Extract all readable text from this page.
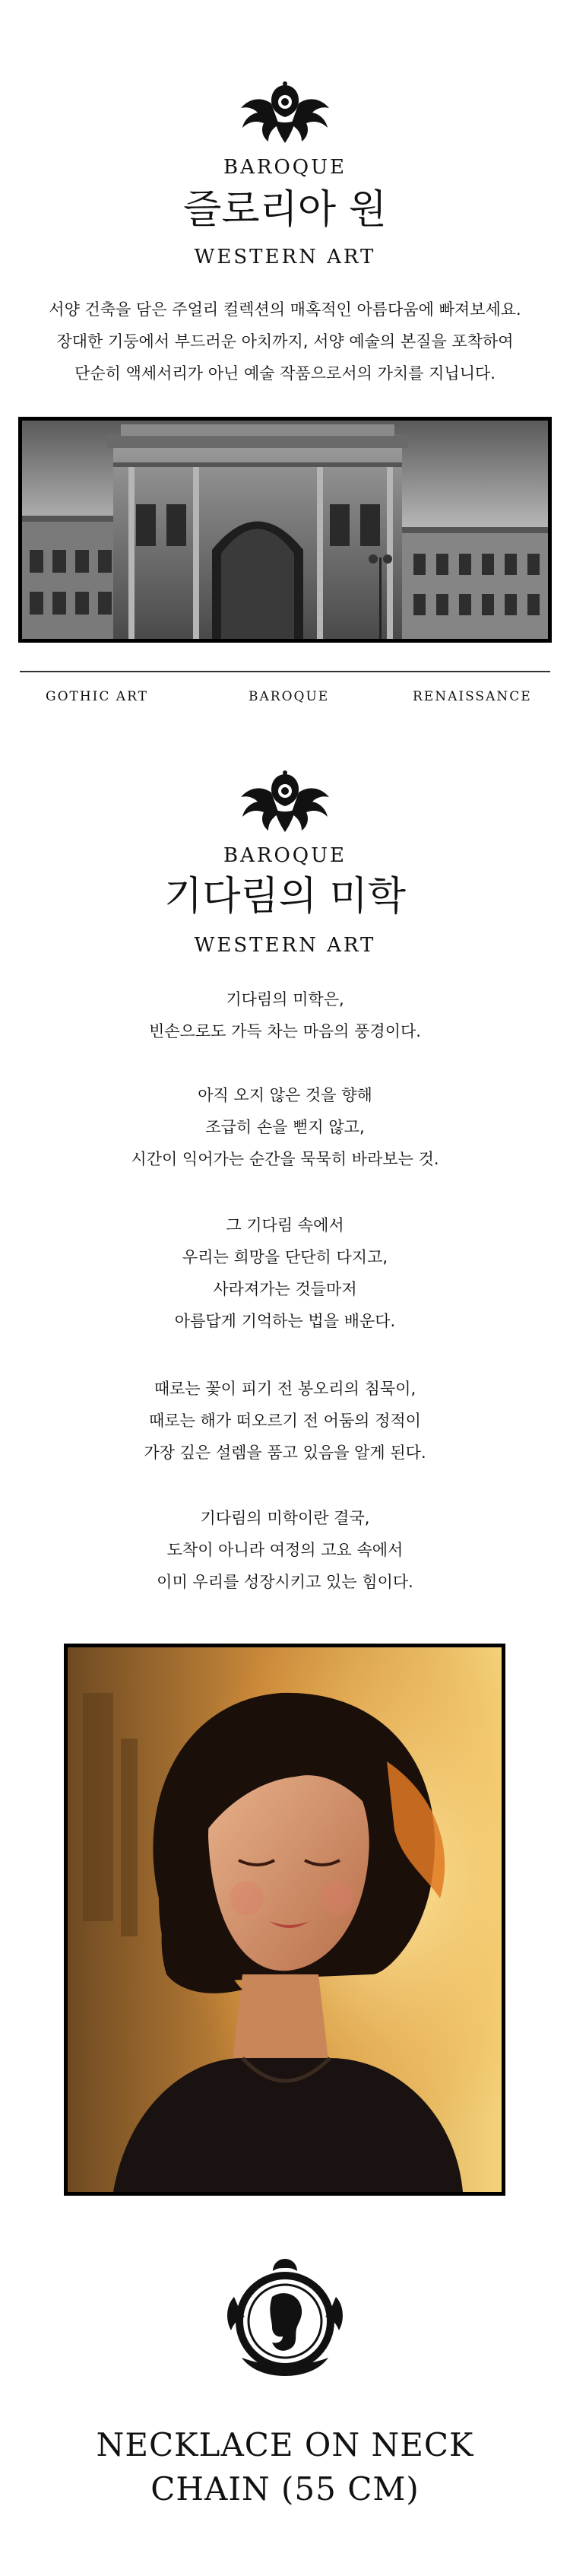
BAROQUE
즐로리아 원
WESTERN ART
서양 건축을 담은 주얼리 컬렉션의 매혹적인 아름다움에 빠져보세요.
장대한 기둥에서 부드러운 아치까지, 서양 예술의 본질을 포착하여
단순히 액세서리가 아닌 예술 작품으로서의 가치를 지닙니다.
GOTHIC ART	BAROQUE	RENAISSANCE
BAROQUE
기다림의 미학
WESTERN ART
기다림의 미학은,
빈손으로도 가득 차는 마음의 풍경이다.
아직 오지 않은 것을 향해
조급히 손을 뻗지 않고,
시간이 익어가는 순간을 묵묵히 바라보는 것.
그 기다림 속에서
우리는 희망을 단단히 다지고,
사라져가는 것들마저
아름답게 기억하는 법을 배운다.
때로는 꽃이 피기 전 봉오리의 침묵이,
때로는 해가 떠오르기 전 어둠의 정적이
가장 깊은 설렘을 품고 있음을 알게 된다.
기다림의 미학이란 결국,
도착이 아니라 여정의 고요 속에서
이미 우리를 성장시키고 있는 힘이다.
NECKLACE ON NECK
CHAIN (55 CM)
